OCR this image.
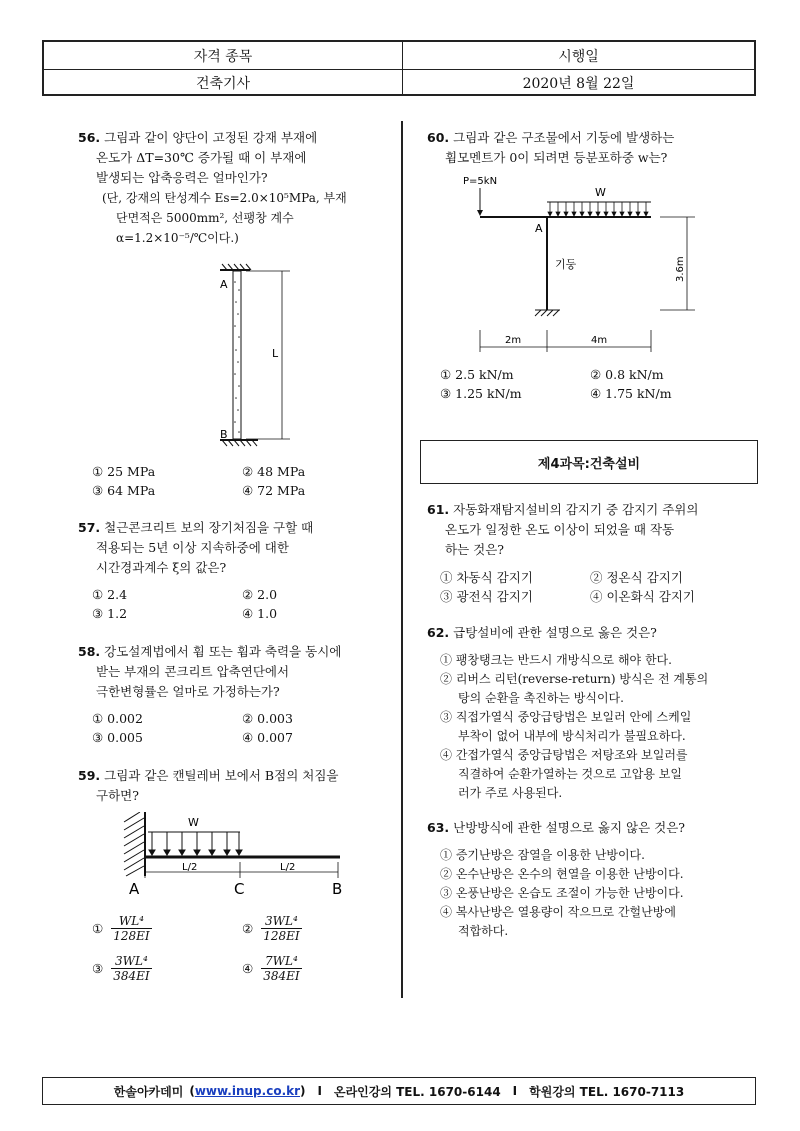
자격 종목	시행일
건축기사	2020년 8월 22일
56. 그림과 같이 양단이 고정된 강재 부재에
온도가 ΔT=30℃ 증가될 때 이 부재에
발생되는 압축응력은 얼마인가?
(단, 강재의 탄성계수 Es=2.0×10⁵MPa, 부재
단면적은 5000mm², 선팽창 계수
α=1.2×10⁻⁵/℃이다.)
A
B
L
① 25 MPa	② 48 MPa
③ 64 MPa	④ 72 MPa
57. 철근콘크리트 보의 장기처짐을 구할 때
적용되는 5년 이상 지속하중에 대한
시간경과계수 ξ의 값은?
① 2.4	② 2.0
③ 1.2	④ 1.0
58. 강도설계법에서 휨 또는 휨과 축력을 동시에
받는 부재의 콘크리트 압축연단에서
극한변형률은 얼마로 가정하는가?
① 0.002	② 0.003
③ 0.005	④ 0.007
59. 그림과 같은 캔틸레버 보에서 B점의 처짐을
구하면?
W
L/2	L/2
A	C	B
① $\frac{\text{WL⁴}}{128EI}$	② $\frac{\text{3WL⁴}}{128EI}$
③ $\frac{\text{3WL⁴}}{384EI}$	④ $\frac{\text{7WL⁴}}{384EI}$
60. 그림과 같은 구조물에서 기둥에 발생하는
휨모멘트가 0이 되려면 등분포하중 w는?
P=5kN
W
A
기둥	3.6m
2m	4m
① 2.5 kN/m	② 0.8 kN/m
③ 1.25 kN/m	④ 1.75 kN/m
제4과목:건축설비
61. 자동화재탐지설비의 감지기 중 감지기 주위의
온도가 일정한 온도 이상이 되었을 때 작동
하는 것은?
① 차동식 감지기	② 정온식 감지기
③ 광전식 감지기	④ 이온화식 감지기
62. 급탕설비에 관한 설명으로 옳은 것은?
① 팽창탱크는 반드시 개방식으로 해야 한다.
② 리버스 리턴(reverse-return) 방식은 전 계통의
탕의 순환을 촉진하는 방식이다.
③ 직접가열식 중앙급탕법은 보일러 안에 스케일
부착이 없어 내부에 방식처리가 불필요하다.
④ 간접가열식 중앙급탕법은 저탕조와 보일러를
직결하여 순환가열하는 것으로 고압용 보일
러가 주로 사용된다.
63. 난방방식에 관한 설명으로 옳지 않은 것은?
① 증기난방은 잠열을 이용한 난방이다.
② 온수난방은 온수의 현열을 이용한 난방이다.
③ 온풍난방은 온습도 조절이 가능한 난방이다.
④ 복사난방은 열용량이 작으므로 간헐난방에
적합하다.
한솔아카데미 (www.inup.co.kr) I 온라인강의 TEL. 1670-6144 I 학원강의 TEL. 1670-7113
